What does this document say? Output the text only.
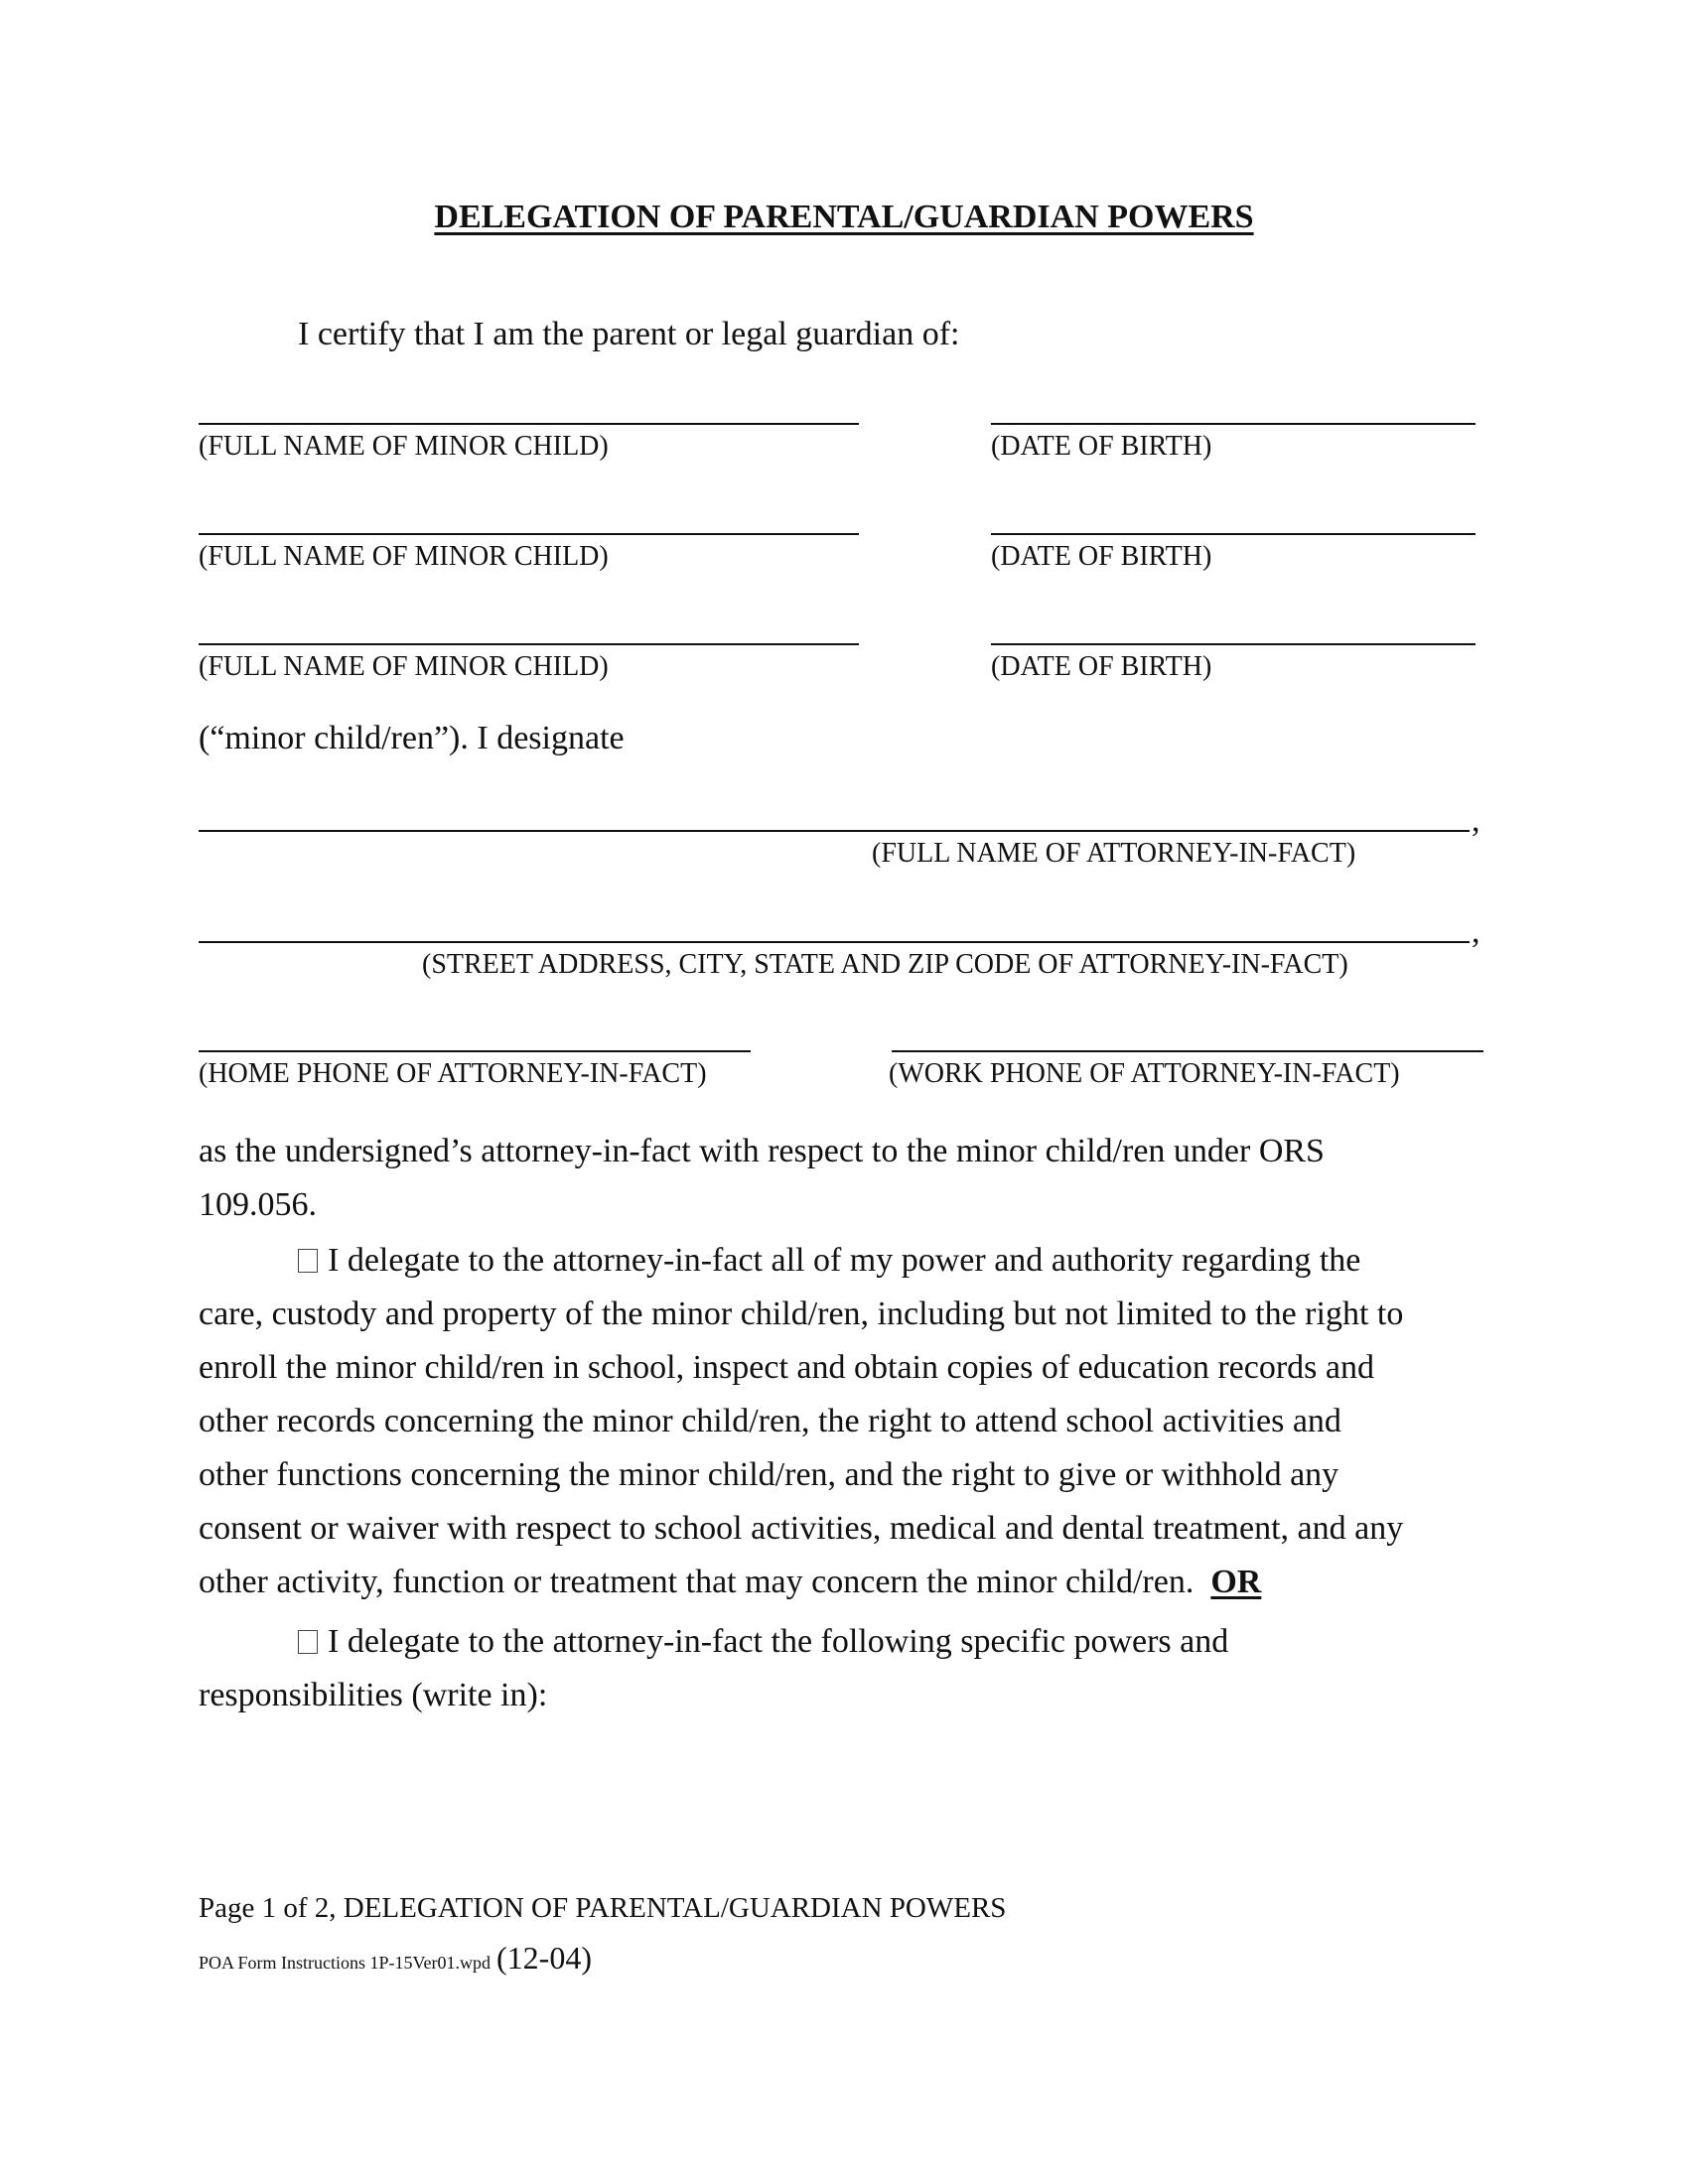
DELEGATION OF PARENTAL/GUARDIAN POWERS
I certify that I am the parent or legal guardian of:
(FULL NAME OF MINOR CHILD)	(DATE OF BIRTH)
(FULL NAME OF MINOR CHILD)	(DATE OF BIRTH)
(FULL NAME OF MINOR CHILD)	(DATE OF BIRTH)
(“minor child/ren”). I designate
,
(FULL NAME OF ATTORNEY-IN-FACT)
,
(STREET ADDRESS, CITY, STATE AND ZIP CODE OF ATTORNEY-IN-FACT)
(HOME PHONE OF ATTORNEY-IN-FACT)	(WORK PHONE OF ATTORNEY-IN-FACT)
as the undersigned’s attorney-in-fact with respect to the minor child/ren under ORS
109.056.
I delegate to the attorney-in-fact all of my power and authority regarding the
care, custody and property of the minor child/ren, including but not limited to the right to
enroll the minor child/ren in school, inspect and obtain copies of education records and
other records concerning the minor child/ren, the right to attend school activities and
other functions concerning the minor child/ren, and the right to give or withhold any
consent or waiver with respect to school activities, medical and dental treatment, and any
other activity, function or treatment that may concern the minor child/ren. OR
I delegate to the attorney-in-fact the following specific powers and
responsibilities (write in):
Page 1 of 2, DELEGATION OF PARENTAL/GUARDIAN POWERS
POA Form Instructions 1P-15Ver01.wpd (12-04)
